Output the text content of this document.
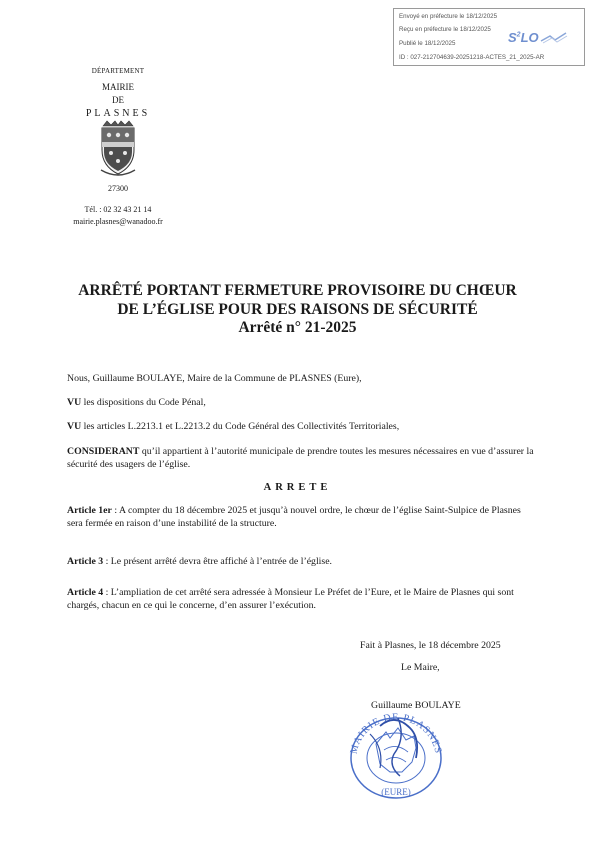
Envoyé en préfecture le 18/12/2025
Reçu en préfecture le 18/12/2025
Publié le 18/12/2025
ID : 027-212704639-20251218-ACTES_21_2025-AR
$S^2LO$
DÉPARTEMENT
MAIRIE
DE
PLASNES
27300
Tél. : 02 32 43 21 14
mairie.plasnes@wanadoo.fr
ARRÊTÉ PORTANT FERMETURE PROVISOIRE DU CHŒUR
DE L’ÉGLISE POUR DES RAISONS DE SÉCURITÉ
Arrêté n° 21-2025
Nous, Guillaume BOULAYE, Maire de la Commune de PLASNES (Eure),
VU les dispositions du Code Pénal,
VU les articles L.2213.1 et L.2213.2 du Code Général des Collectivités Territoriales,
CONSIDERANT qu’il appartient à l’autorité municipale de prendre toutes les mesures nécessaires en vue d’assurer la sécurité des usagers de l’église.
ARRETE
Article 1er : A compter du 18 décembre 2025 et jusqu’à nouvel ordre, le chœur de l’église Saint-Sulpice de Plasnes sera fermée en raison d’une instabilité de la structure.
Article 3 : Le présent arrêté devra être affiché à l’entrée de l’église.
Article 4 : L’ampliation de cet arrêté sera adressée à Monsieur Le Préfet de l’Eure, et le Maire de Plasnes qui sont chargés, chacun en ce qui le concerne, d’en assurer l’exécution.
Fait à Plasnes, le 18 décembre 2025
Le Maire,
Guillaume BOULAYE
MAIRIE DE PLASNES
(EURE)
